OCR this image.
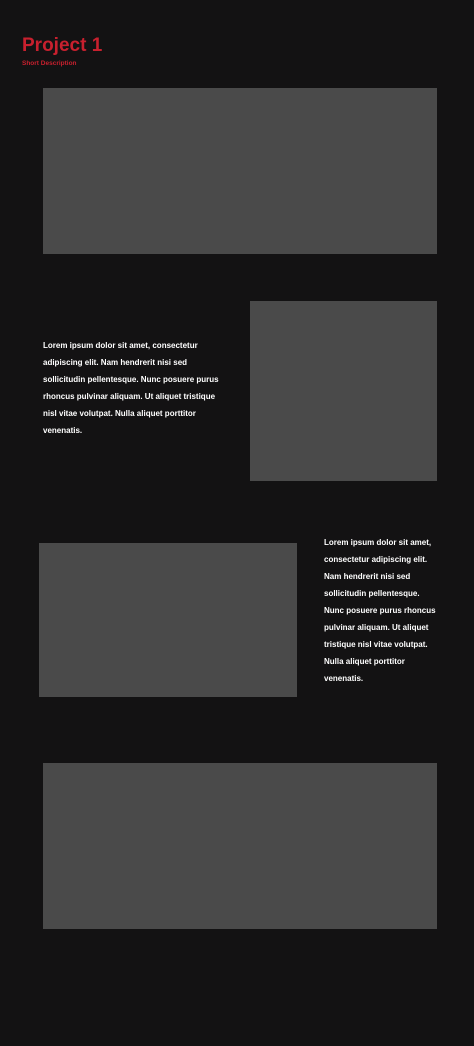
Project 1

Short Description

Lorem ipsum dolor sit amet, consectetur adipiscing elit. Nam hendrerit nisi sed sollicitudin pellentesque. Nunc posuere purus rhoncus pulvinar aliquam. Ut aliquet tristique nisl vitae volutpat. Nulla aliquet porttitor venenatis.

Lorem ipsum dolor sit amet, consectetur adipiscing elit. Nam hendrerit nisi sed sollicitudin pellentesque. Nunc posuere purus rhoncus pulvinar aliquam. Ut aliquet tristique nisl vitae volutpat. Nulla aliquet porttitor venenatis.
